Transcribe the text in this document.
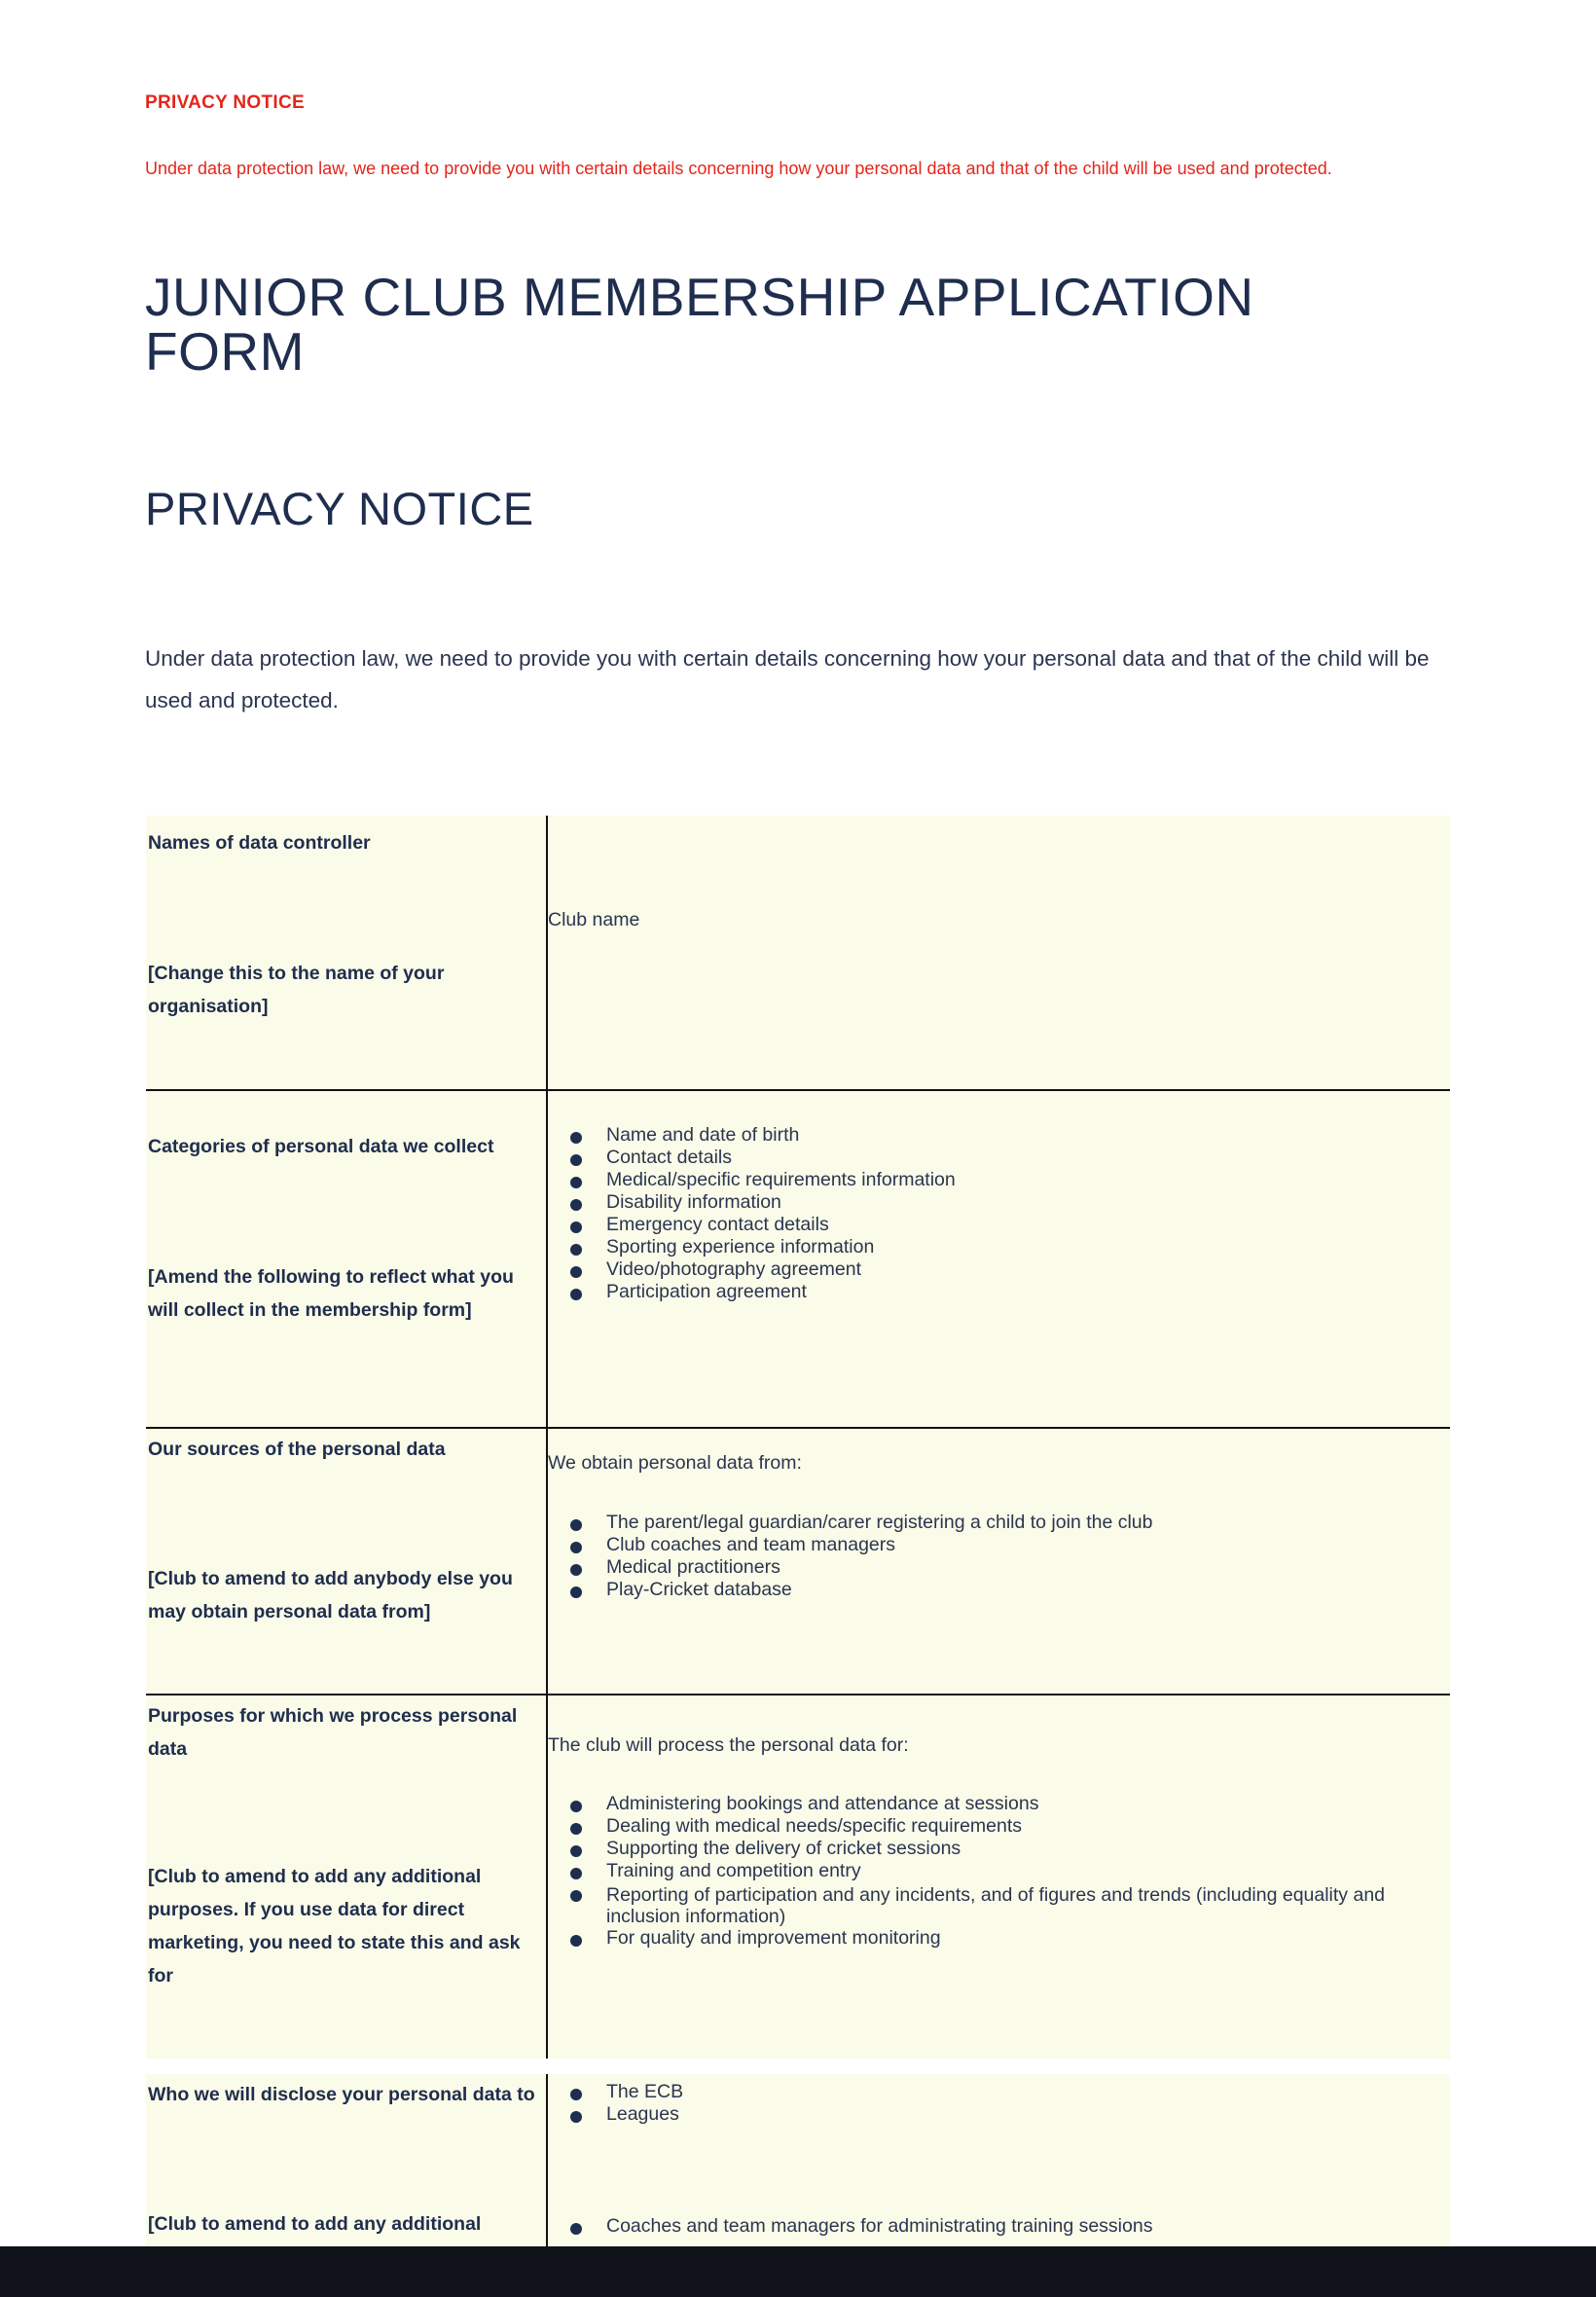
PRIVACY NOTICE
Under data protection law, we need to provide you with certain details concerning how your personal data and that of the child will be used and protected.
JUNIOR CLUB MEMBERSHIP APPLICATION FORM
PRIVACY NOTICE

Under data protection law, we need to provide you with certain details concerning how your personal data and that of the child will be used and protected.

Names of data controller
[Change this to the name of your organisation]
Club name
Categories of personal data we collect
[Amend the following to reflect what you will collect in the membership form]
Name and date of birth
Contact details
Medical/specific requirements information
Disability information
Emergency contact details
Sporting experience information
Video/photography agreement
Participation agreement
Our sources of the personal data
[Club to amend to add anybody else you may obtain personal data from]
We obtain personal data from:
The parent/legal guardian/carer registering a child to join the club
Club coaches and team managers
Medical practitioners
Play-Cricket database
Purposes for which we process personal data
[Club to amend to add any additional purposes. If you use data for direct marketing, you need to state this and ask for
The club will process the personal data for:
Administering bookings and attendance at sessions
Dealing with medical needs/specific requirements
Supporting the delivery of cricket sessions
Training and competition entry
Reporting of participation and any incidents, and of figures and trends (including equality and inclusion information)
For quality and improvement monitoring
Who we will disclose your personal data to
[Club to amend to add any additional
The ECB
Leagues
Coaches and team managers for administrating training sessions
